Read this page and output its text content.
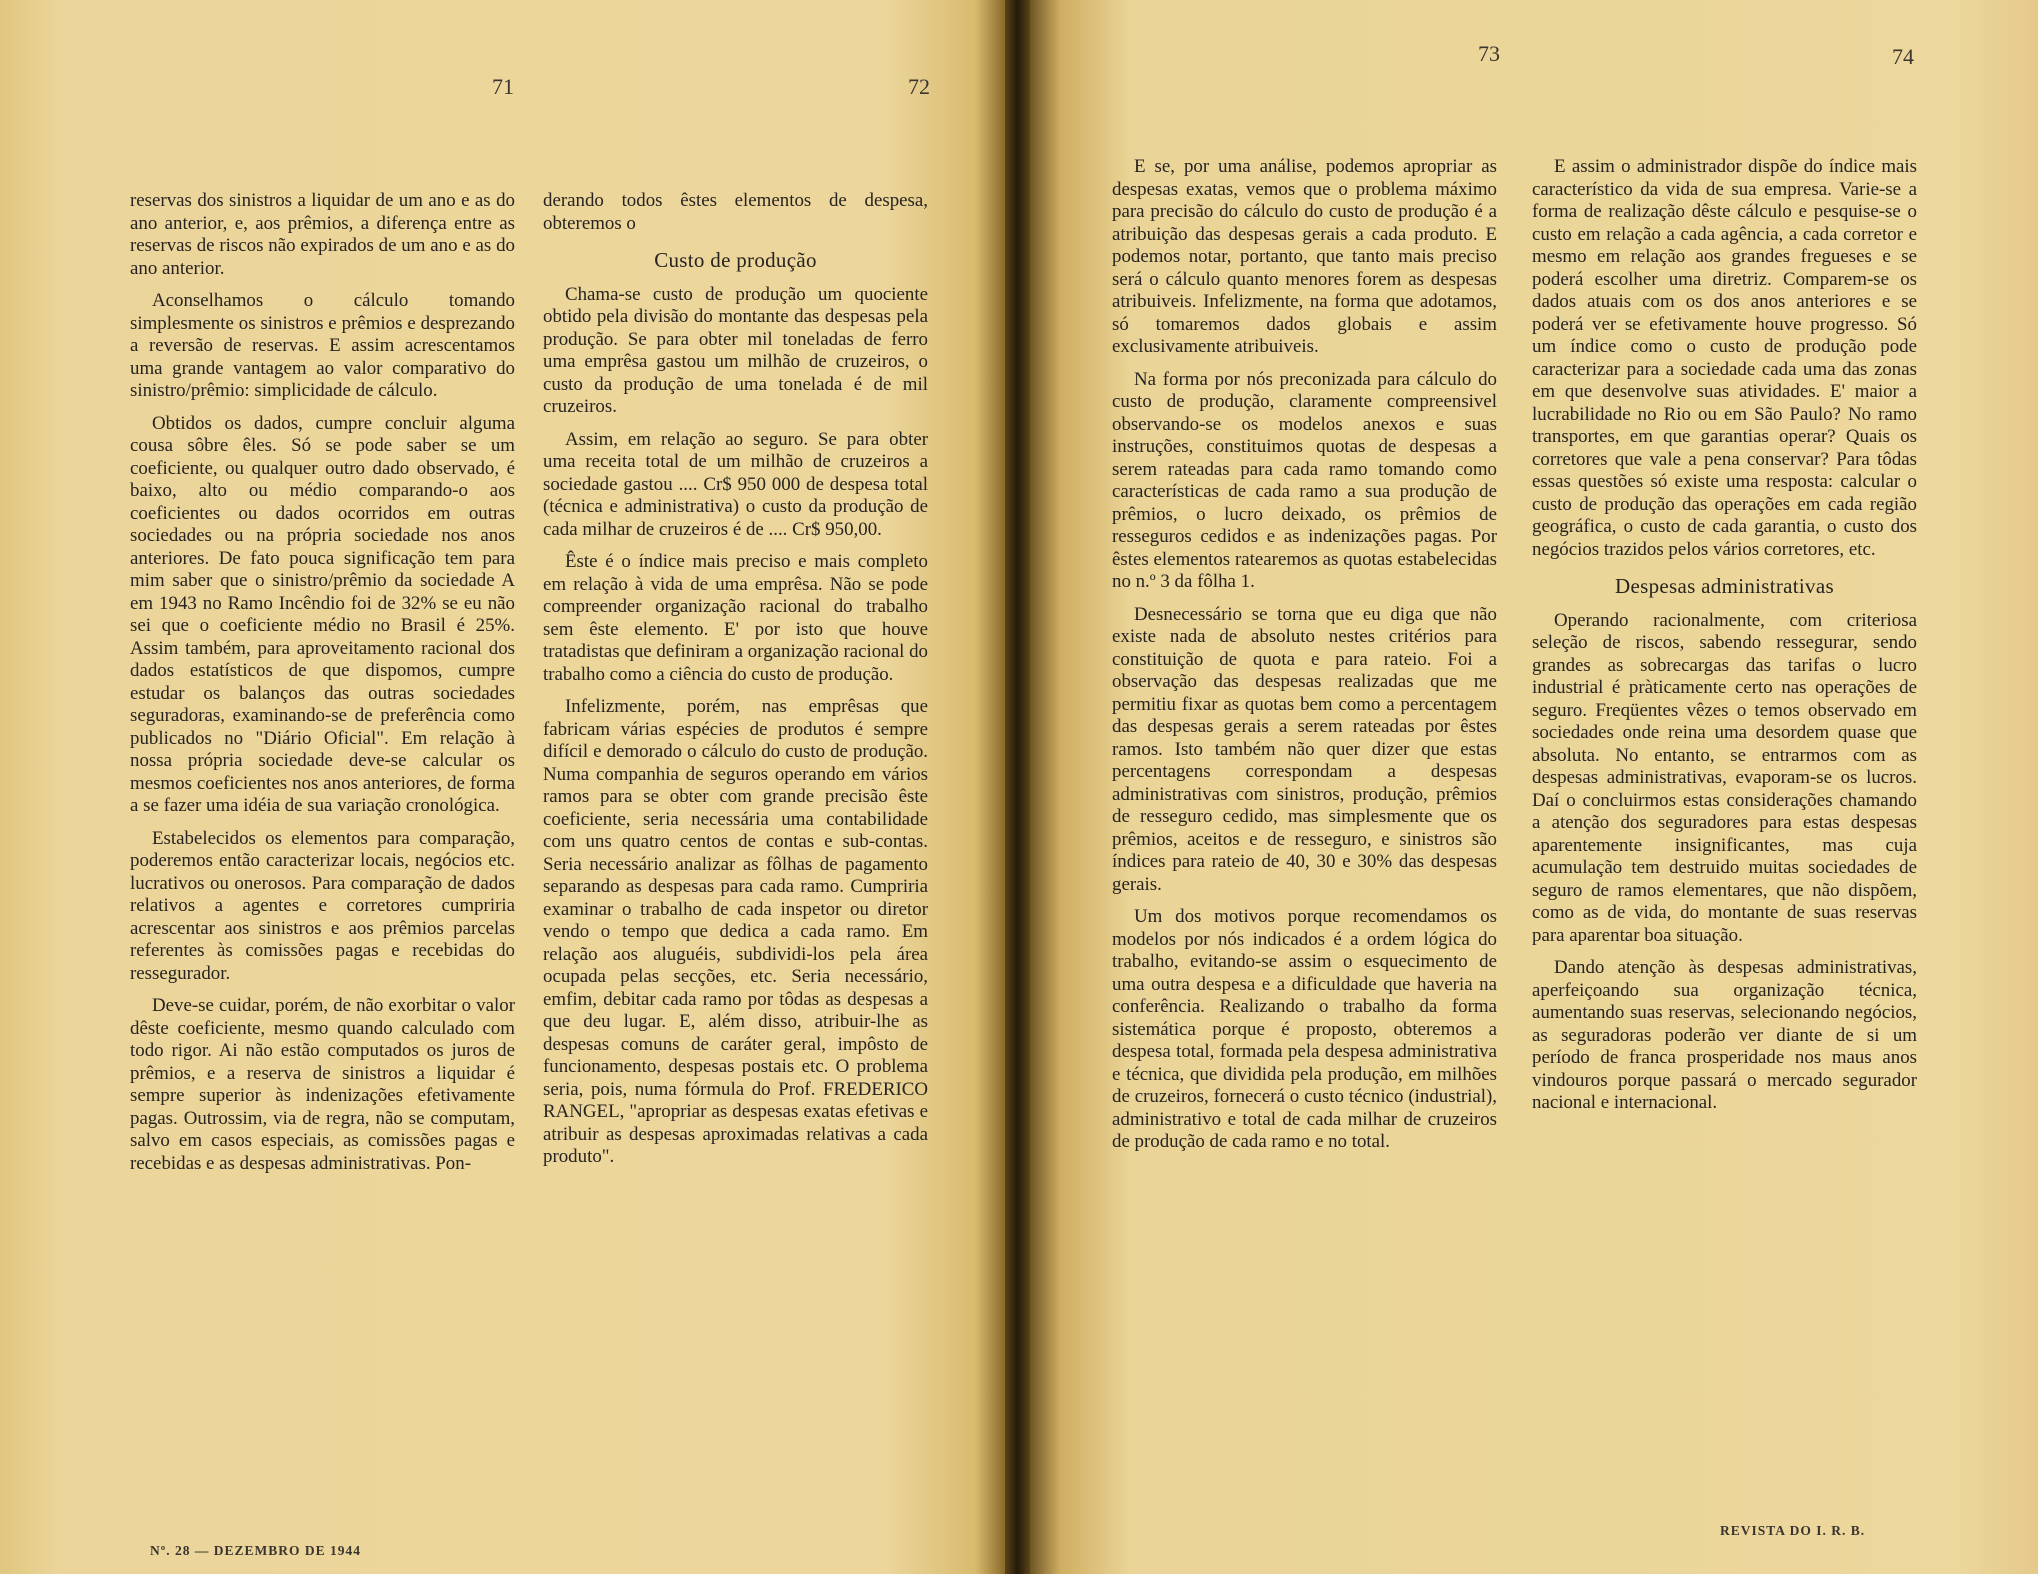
71	72
73	74

reservas dos sinistros a liquidar de um ano e as do ano anterior, e, aos prêmios, a diferença entre as reservas de riscos não expirados de um ano e as do ano anterior.

Aconselhamos o cálculo tomando simplesmente os sinistros e prêmios e desprezando a reversão de reservas. E assim acrescentamos uma grande vantagem ao valor comparativo do sinistro/prêmio: simplicidade de cálculo.

Obtidos os dados, cumpre concluir alguma cousa sôbre êles. Só se pode saber se um coeficiente, ou qualquer outro dado observado, é baixo, alto ou médio comparando-o aos coeficientes ou dados ocorridos em outras sociedades ou na própria sociedade nos anos anteriores. De fato pouca significação tem para mim saber que o sinistro/prêmio da sociedade A em 1943 no Ramo Incêndio foi de 32% se eu não sei que o coeficiente médio no Brasil é 25%. Assim também, para aproveitamento racional dos dados estatísticos de que dispomos, cumpre estudar os balanços das outras sociedades seguradoras, examinando-se de preferência como publicados no "Diário Oficial". Em relação à nossa própria sociedade deve-se calcular os mesmos coeficientes nos anos anteriores, de forma a se fazer uma idéia de sua variação cronológica.

Estabelecidos os elementos para comparação, poderemos então caracterizar locais, negócios etc. lucrativos ou onerosos. Para comparação de dados relativos a agentes e corretores cumpriria acrescentar aos sinistros e aos prêmios parcelas referentes às comissões pagas e recebidas do ressegurador.

Deve-se cuidar, porém, de não exorbitar o valor dêste coeficiente, mesmo quando calculado com todo rigor. Ai não estão computados os juros de prêmios, e a reserva de sinistros a liquidar é sempre superior às indenizações efetivamente pagas. Outrossim, via de regra, não se computam, salvo em casos especiais, as comissões pagas e recebidas e as despesas administrativas. Pon-

derando todos êstes elementos de despesa, obteremos o

Custo de produção

Chama-se custo de produção um quociente obtido pela divisão do montante das despesas pela produção. Se para obter mil toneladas de ferro uma emprêsa gastou um milhão de cruzeiros, o custo da produção de uma tonelada é de mil cruzeiros.

Assim, em relação ao seguro. Se para obter uma receita total de um milhão de cruzeiros a sociedade gastou .... Cr$ 950 000 de despesa total (técnica e administrativa) o custo da produção de cada milhar de cruzeiros é de .... Cr$ 950,00.

Êste é o índice mais preciso e mais completo em relação à vida de uma emprêsa. Não se pode compreender organização racional do trabalho sem êste elemento. E' por isto que houve tratadistas que definiram a organização racional do trabalho como a ciência do custo de produção.

Infelizmente, porém, nas emprêsas que fabricam várias espécies de produtos é sempre difícil e demorado o cálculo do custo de produção. Numa companhia de seguros operando em vários ramos para se obter com grande precisão êste coeficiente, seria necessária uma contabilidade com uns quatro centos de contas e sub-contas. Seria necessário analizar as fôlhas de pagamento separando as despesas para cada ramo. Cumpriria examinar o trabalho de cada inspetor ou diretor vendo o tempo que dedica a cada ramo. Em relação aos aluguéis, subdividi-los pela área ocupada pelas secções, etc. Seria necessário, emfim, debitar cada ramo por tôdas as despesas a que deu lugar. E, além disso, atribuir-lhe as despesas comuns de caráter geral, impôsto de funcionamento, despesas postais etc. O problema seria, pois, numa fórmula do Prof. FREDERICO RANGEL, "apropriar as despesas exatas efetivas e atribuir as despesas aproximadas relativas a cada produto".

E se, por uma análise, podemos apropriar as despesas exatas, vemos que o problema máximo para precisão do cálculo do custo de produção é a atribuição das despesas gerais a cada produto. E podemos notar, portanto, que tanto mais preciso será o cálculo quanto menores forem as despesas atribuiveis. Infelizmente, na forma que adotamos, só tomaremos dados globais e assim exclusivamente atribuiveis.

Na forma por nós preconizada para cálculo do custo de produção, claramente compreensivel observando-se os modelos anexos e suas instruções, constituimos quotas de despesas a serem rateadas para cada ramo tomando como características de cada ramo a sua produção de prêmios, o lucro deixado, os prêmios de resseguros cedidos e as indenizações pagas. Por êstes elementos ratearemos as quotas estabelecidas no n.º 3 da fôlha 1.

Desnecessário se torna que eu diga que não existe nada de absoluto nestes critérios para constituição de quota e para rateio. Foi a observação das despesas realizadas que me permitiu fixar as quotas bem como a percentagem das despesas gerais a serem rateadas por êstes ramos. Isto também não quer dizer que estas percentagens correspondam a despesas administrativas com sinistros, produção, prêmios de resseguro cedido, mas simplesmente que os prêmios, aceitos e de resseguro, e sinistros são índices para rateio de 40, 30 e 30% das despesas gerais.

Um dos motivos porque recomendamos os modelos por nós indicados é a ordem lógica do trabalho, evitando-se assim o esquecimento de uma outra despesa e a dificuldade que haveria na conferência. Realizando o trabalho da forma sistemática porque é proposto, obteremos a despesa total, formada pela despesa administrativa e técnica, que dividida pela produção, em milhões de cruzeiros, fornecerá o custo técnico (industrial), administrativo e total de cada milhar de cruzeiros de produção de cada ramo e no total.

E assim o administrador dispõe do índice mais característico da vida de sua empresa. Varie-se a forma de realização dêste cálculo e pesquise-se o custo em relação a cada agência, a cada corretor e mesmo em relação aos grandes fregueses e se poderá escolher uma diretriz. Comparem-se os dados atuais com os dos anos anteriores e se poderá ver se efetivamente houve progresso. Só um índice como o custo de produção pode caracterizar para a sociedade cada uma das zonas em que desenvolve suas atividades. E' maior a lucrabilidade no Rio ou em São Paulo? No ramo transportes, em que garantias operar? Quais os corretores que vale a pena conservar? Para tôdas essas questões só existe uma resposta: calcular o custo de produção das operações em cada região geográfica, o custo de cada garantia, o custo dos negócios trazidos pelos vários corretores, etc.

Despesas administrativas

Operando racionalmente, com criteriosa seleção de riscos, sabendo ressegurar, sendo grandes as sobrecargas das tarifas o lucro industrial é pràticamente certo nas operações de seguro. Freqüentes vêzes o temos observado em sociedades onde reina uma desordem quase que absoluta. No entanto, se entrarmos com as despesas administrativas, evaporam-se os lucros. Daí o concluirmos estas considerações chamando a atenção dos seguradores para estas despesas aparentemente insignificantes, mas cuja acumulação tem destruido muitas sociedades de seguro de ramos elementares, que não dispõem, como as de vida, do montante de suas reservas para aparentar boa situação.

Dando atenção às despesas administrativas, aperfeiçoando sua organização técnica, aumentando suas reservas, selecionando negócios, as seguradoras poderão ver diante de si um período de franca prosperidade nos maus anos vindouros porque passará o mercado segurador nacional e internacional.

Nº. 28 — DEZEMBRO DE 1944
REVISTA DO I. R. B.
